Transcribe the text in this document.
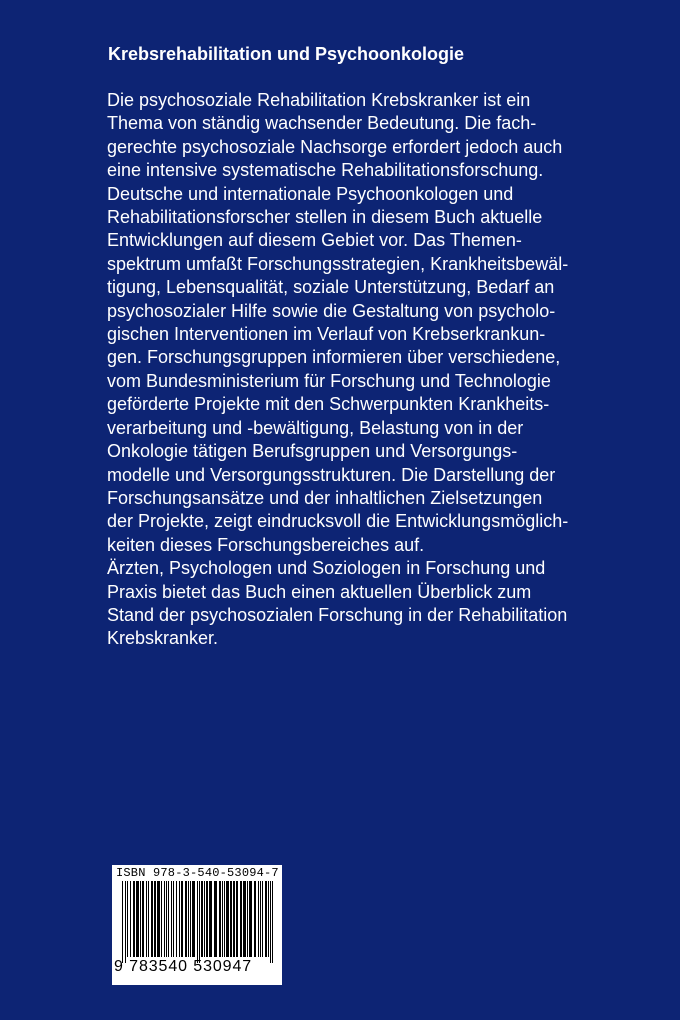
Krebsrehabilitation und Psychoonkologie
Die psychosoziale Rehabilitation Krebskranker ist ein
Thema von ständig wachsender Bedeutung. Die fach-
gerechte psychosoziale Nachsorge erfordert jedoch auch
eine intensive systematische Rehabilitationsforschung.
Deutsche und internationale Psychoonkologen und
Rehabilitationsforscher stellen in diesem Buch aktuelle
Entwicklungen auf diesem Gebiet vor. Das Themen-
spektrum umfaßt Forschungsstrategien, Krankheitsbewäl-
tigung, Lebensqualität, soziale Unterstützung, Bedarf an
psychosozialer Hilfe sowie die Gestaltung von psycholo-
gischen Interventionen im Verlauf von Krebserkrankun-
gen. Forschungsgruppen informieren über verschiedene,
vom Bundesministerium für Forschung und Technologie
geförderte Projekte mit den Schwerpunkten Krankheits-
verarbeitung und -bewältigung, Belastung von in der
Onkologie tätigen Berufsgruppen und Versorgungs-
modelle und Versorgungsstrukturen. Die Darstellung der
Forschungsansätze und der inhaltlichen Zielsetzungen
der Projekte, zeigt eindrucksvoll die Entwicklungsmöglich-
keiten dieses Forschungsbereiches auf.
Ärzten, Psychologen und Soziologen in Forschung und
Praxis bietet das Buch einen aktuellen Überblick zum
Stand der psychosozialen Forschung in der Rehabilitation
Krebskranker.
ISBN 978-3-540-53094-7
9 783540 530947
ISBN-13: 978-3-540-53094-7
